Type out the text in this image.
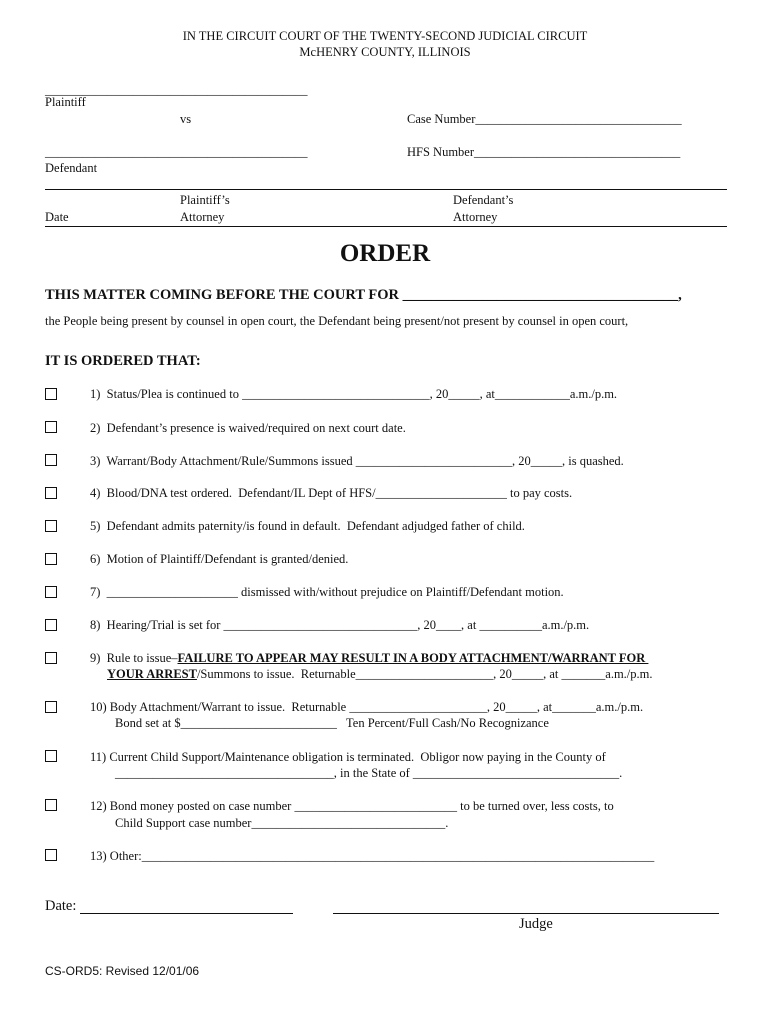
IN THE CIRCUIT COURT OF THE TWENTY-SECOND JUDICIAL CIRCUIT
McHENRY COUNTY, ILLINOIS
__________________________________________
Plaintiff
vs	Case Number_________________________________
__________________________________________	HFS Number_________________________________
Defendant
Plaintiff’s
Attorney
Defendant’s
Attorney
Date
ORDER
THIS MATTER COMING BEFORE THE COURT FOR ______________________________________,
the People being present by counsel in open court, the Defendant being present/not present by counsel in open court,
IT IS ORDERED THAT:
1)  Status/Plea is continued to ______________________________, 20_____, at____________a.m./p.m.
2)  Defendant’s presence is waived/required on next court date.
3)  Warrant/Body Attachment/Rule/Summons issued _________________________, 20_____, is quashed.
4)  Blood/DNA test ordered.  Defendant/IL Dept of HFS/_____________________ to pay costs.
5)  Defendant admits paternity/is found in default.  Defendant adjudged father of child.
6)  Motion of Plaintiff/Defendant is granted/denied.
7)  _____________________ dismissed with/without prejudice on Plaintiff/Defendant motion.
8)  Hearing/Trial is set for _______________________________, 20____, at __________a.m./p.m.
9)  Rule to issue–FAILURE TO APPEAR MAY RESULT IN A BODY ATTACHMENT/WARRANT FOR
YOUR ARREST/Summons to issue.  Returnable______________________, 20_____, at _______a.m./p.m.
10) Body Attachment/Warrant to issue.  Returnable ______________________, 20_____, at_______a.m./p.m.
Bond set at $_________________________   Ten Percent/Full Cash/No Recognizance
11) Current Child Support/Maintenance obligation is terminated.  Obligor now paying in the County of
___________________________________, in the State of _________________________________.
12) Bond money posted on case number __________________________ to be turned over, less costs, to
Child Support case number_______________________________.
13) Other:__________________________________________________________________________________
Date:
Judge
CS-ORD5: Revised 12/01/06
